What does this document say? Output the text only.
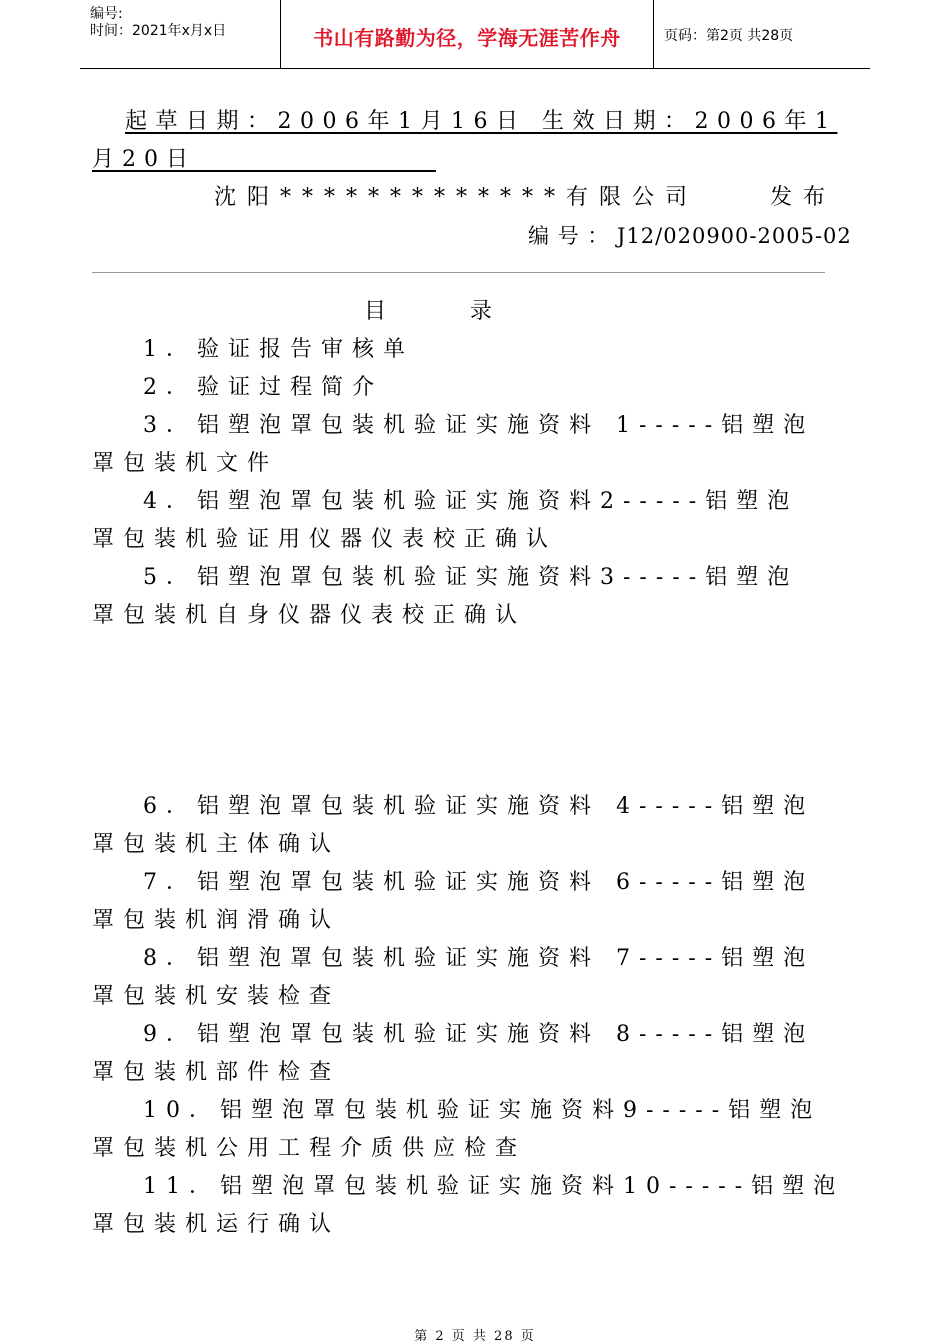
编号:
时间：2021年x月x日	书山有路勤为径，学海无涯苦作舟	页码：第2页 共28页
起草日期：2006年1月16日 生效日期：2006年1
月20日
沈阳*************有限公司    发布
编 号 ： J12/020900-2005-02
目            录
1．验证报告审核单
2．验证过程简介
3．铝塑泡罩包装机验证实施资料 1-----铝塑泡
罩包装机文件
4．铝塑泡罩包装机验证实施资料2-----铝塑泡
罩包装机验证用仪器仪表校正确认
5．铝塑泡罩包装机验证实施资料3-----铝塑泡
罩包装机自身仪器仪表校正确认
6．铝塑泡罩包装机验证实施资料 4-----铝塑泡
罩包装机主体确认
7．铝塑泡罩包装机验证实施资料 6-----铝塑泡
罩包装机润滑确认
8．铝塑泡罩包装机验证实施资料 7-----铝塑泡
罩包装机安装检查
9．铝塑泡罩包装机验证实施资料 8-----铝塑泡
罩包装机部件检查
10．铝塑泡罩包装机验证实施资料9-----铝塑泡
罩包装机公用工程介质供应检查
11．铝塑泡罩包装机验证实施资料10-----铝塑泡
罩包装机运行确认
第 2 页 共 28 页
